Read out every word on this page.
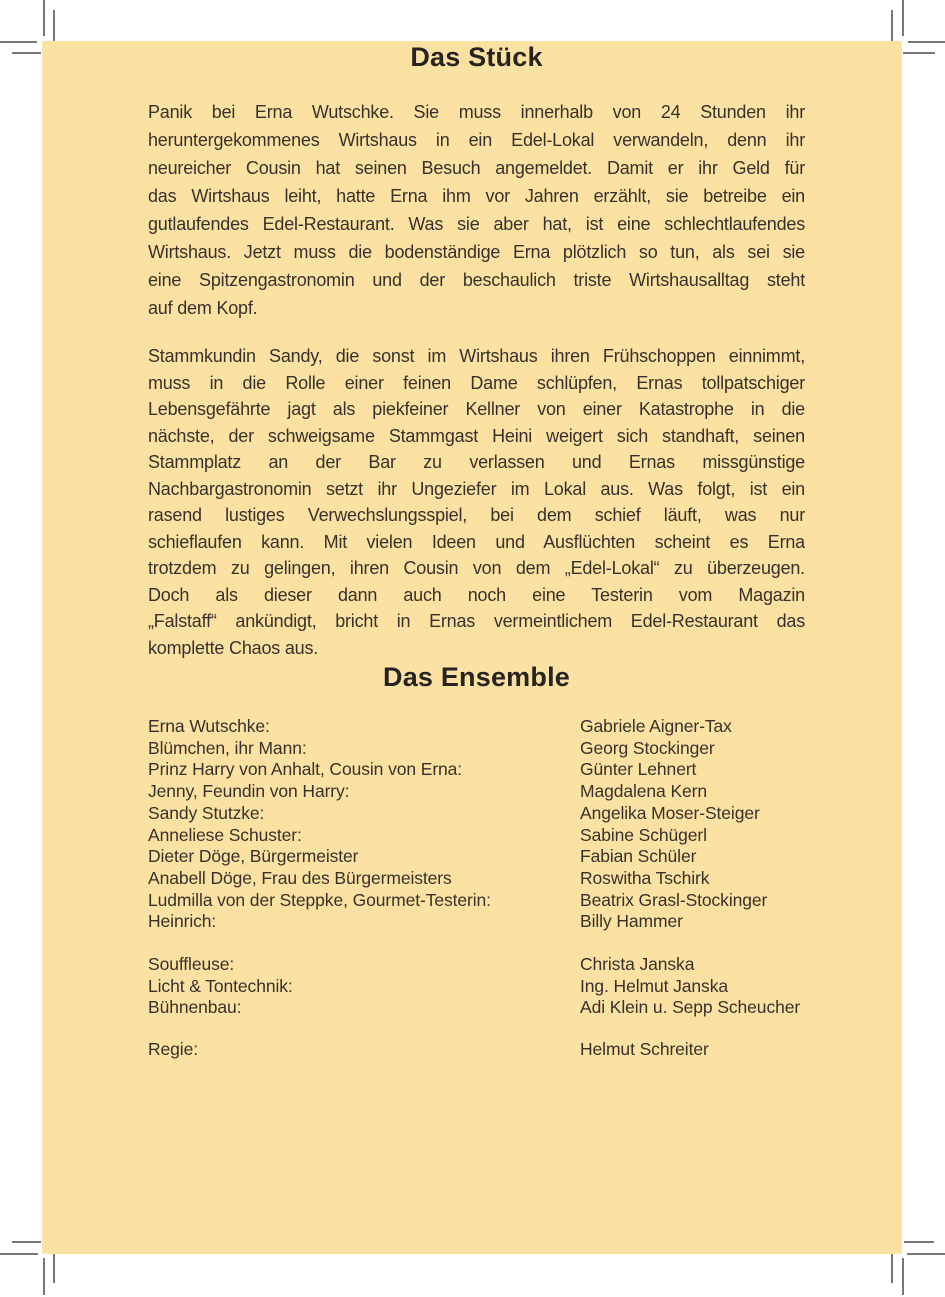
Das Stück
Panik bei Erna Wutschke. Sie muss innerhalb von 24 Stunden ihr
heruntergekommenes Wirtshaus in ein Edel-Lokal verwandeln, denn ihr
neureicher Cousin hat seinen Besuch angemeldet. Damit er ihr Geld für
das Wirtshaus leiht, hatte Erna ihm vor Jahren erzählt, sie betreibe ein
gutlaufendes Edel-Restaurant. Was sie aber hat, ist eine schlechtlaufendes
Wirtshaus. Jetzt muss die bodenständige Erna plötzlich so tun, als sei sie
eine Spitzengastronomin und der beschaulich triste Wirtshausalltag steht
auf dem Kopf.
Stammkundin Sandy, die sonst im Wirtshaus ihren Frühschoppen einnimmt,
muss in die Rolle einer feinen Dame schlüpfen, Ernas tollpatschiger
Lebensgefährte jagt als piekfeiner Kellner von einer Katastrophe in die
nächste, der schweigsame Stammgast Heini weigert sich standhaft, seinen
Stammplatz an der Bar zu verlassen und Ernas missgünstige
Nachbargastronomin setzt ihr Ungeziefer im Lokal aus. Was folgt, ist ein
rasend lustiges Verwechslungsspiel, bei dem schief läuft, was nur
schieflaufen kann. Mit vielen Ideen und Ausflüchten scheint es Erna
trotzdem zu gelingen, ihren Cousin von dem „Edel-Lokal“ zu überzeugen.
Doch als dieser dann auch noch eine Testerin vom Magazin
„Falstaff“ ankündigt, bricht in Ernas vermeintlichem Edel-Restaurant das
komplette Chaos aus.
Das Ensemble
Erna Wutschke:	Gabriele Aigner-Tax
Blümchen, ihr Mann:	Georg Stockinger
Prinz Harry von Anhalt, Cousin von Erna:	Günter Lehnert
Jenny, Feundin von Harry:	Magdalena Kern
Sandy Stutzke:	Angelika Moser-Steiger
Anneliese Schuster:	Sabine Schügerl
Dieter Döge, Bürgermeister	Fabian Schüler
Anabell Döge, Frau des Bürgermeisters	Roswitha Tschirk
Ludmilla von der Steppke, Gourmet-Testerin:	Beatrix Grasl-Stockinger
Heinrich:	Billy Hammer
Souffleuse:	Christa Janska
Licht & Tontechnik:	Ing. Helmut Janska
Bühnenbau:	Adi Klein u. Sepp Scheucher
Regie:	Helmut Schreiter
